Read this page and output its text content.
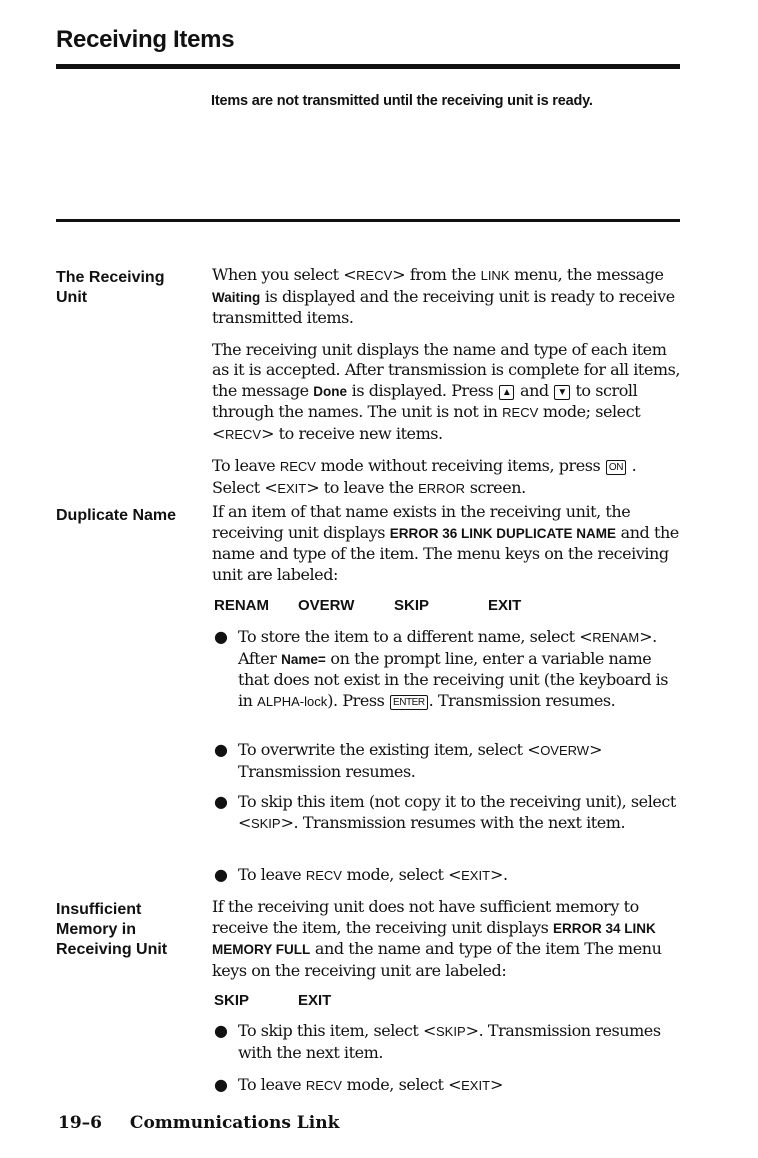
Receiving Items
Items are not transmitted until the receiving unit is ready.
The Receiving
Unit

When you select <RECV> from the LINK menu, the message Waiting is displayed and the receiving unit is ready to receive transmitted items.

The receiving unit displays the name and type of each item as it is accepted. After transmission is complete for all items, the message Done is displayed. Press ▲ and ▼ to scroll through the names. The unit is not in RECV mode; select <RECV> to receive new items.

To leave RECV mode without receiving items, press ON . Select <EXIT> to leave the ERROR screen.

Duplicate Name If an item of that name exists in the receiving unit, the receiving unit displays ERROR 36 LINK DUPLICATE NAME and the name and type of the item. The menu keys on the receiving unit are labeled:

RENAM OVERW	SKIP	EXIT
● To store the item to a different name, select <RENAM>. After Name= on the prompt line, enter a variable name that does not exist in the receiving unit (the keyboard is in ALPHA-lock). Press ENTER . Transmission resumes.
● To overwrite the existing item, select <OVERW> Transmission resumes.
● To skip this item (not copy it to the receiving unit), select <SKIP>. Transmission resumes with the next item.
● To leave RECV mode, select <EXIT>.
Insufficient
Memory in
Receiving Unit

If the receiving unit does not have sufficient memory to receive the item, the receiving unit displays ERROR 34 LINK MEMORY FULL and the name and type of the item The menu keys on the receiving unit are labeled:

SKIP	EXIT
● To skip this item, select <SKIP>. Transmission resumes with the next item.
● To leave RECV mode, select <EXIT>
19–6 Communications Link
